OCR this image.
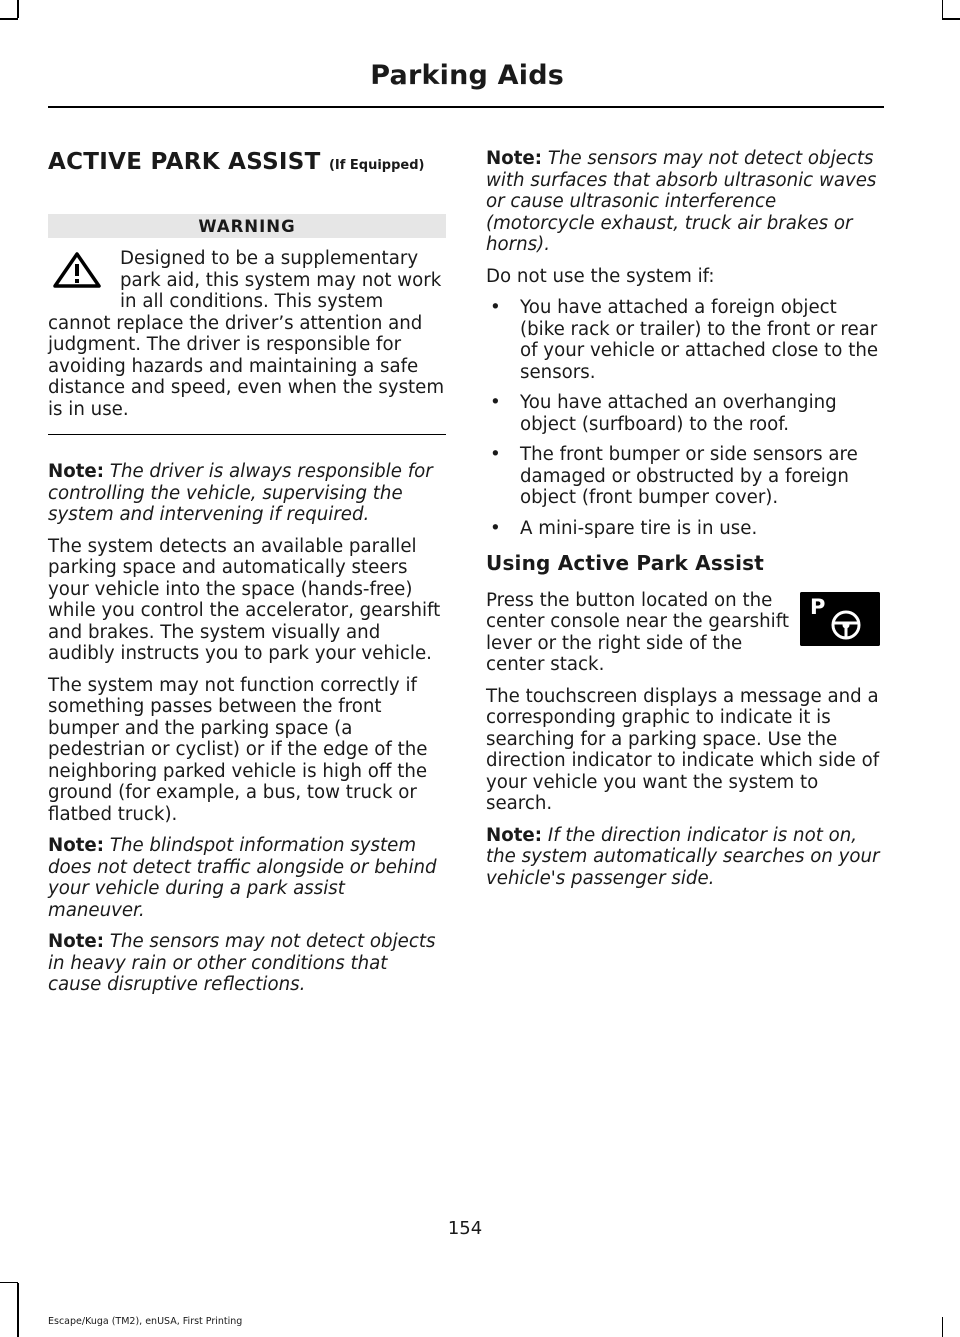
Parking Aids
ACTIVE PARK ASSIST (If Equipped)
WARNING

Designed to be a supplementary park aid, this system may not work in all conditions. This system cannot replace the driver’s attention and judgment. The driver is responsible for avoiding hazards and maintaining a safe distance and speed, even when the system is in use.

Note: The driver is always responsible for controlling the vehicle, supervising the system and intervening if required.

The system detects an available parallel parking space and automatically steers your vehicle into the space (hands-free) while you control the accelerator, gearshift and brakes. The system visually and audibly instructs you to park your vehicle.

The system may not function correctly if something passes between the front bumper and the parking space (a pedestrian or cyclist) or if the edge of the neighboring parked vehicle is high off the ground (for example, a bus, tow truck or flatbed truck).

Note: The blindspot information system does not detect traffic alongside or behind your vehicle during a park assist maneuver.

Note: The sensors may not detect objects in heavy rain or other conditions that cause disruptive reflections.

Note: The sensors may not detect objects with surfaces that absorb ultrasonic waves or cause ultrasonic interference (motorcycle exhaust, truck air brakes or horns).

Do not use the system if:

• You have attached a foreign object (bike rack or trailer) to the front or rear of your vehicle or attached close to the sensors.
• You have attached an overhanging object (surfboard) to the roof.
• The front bumper or side sensors are damaged or obstructed by a foreign object (front bumper cover).
• A mini-spare tire is in use.
Using Active Park Assist

P
Press the button located on the center console near the gearshift lever or the right side of the center stack.

The touchscreen displays a message and a corresponding graphic to indicate it is searching for a parking space. Use the direction indicator to indicate which side of your vehicle you want the system to search.

Note: If the direction indicator is not on, the system automatically searches on your vehicle's passenger side.

154
Escape/Kuga (TM2), enUSA, First Printing
